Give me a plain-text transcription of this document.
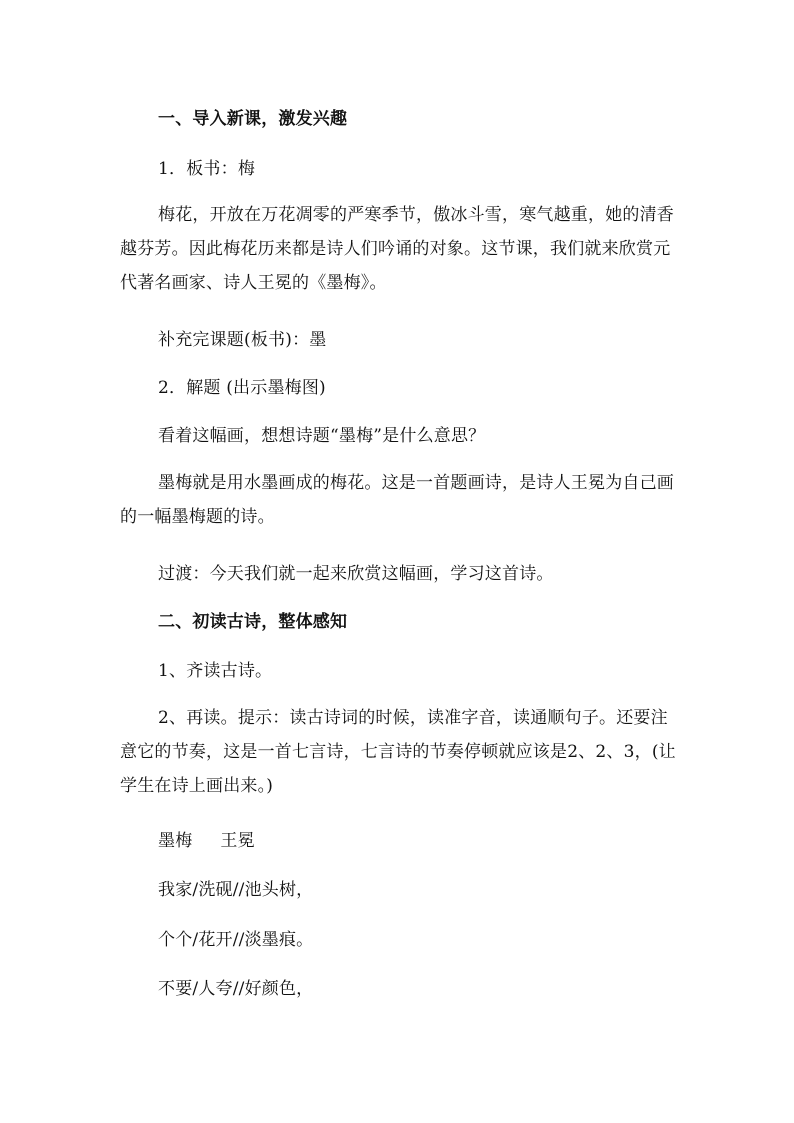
一、导入新课，激发兴趣
1．板书：梅
梅花，开放在万花凋零的严寒季节，傲冰斗雪，寒气越重，她的清香越芬芳。因此梅花历来都是诗人们吟诵的对象。这节课，我们就来欣赏元代著名画家、诗人王冕的《墨梅》。
补充完课题(板书)：墨
2．解题 (出示墨梅图)
看着这幅画，想想诗题“墨梅”是什么意思？
墨梅就是用水墨画成的梅花。这是一首题画诗，是诗人王冕为自己画的一幅墨梅题的诗。
过渡：今天我们就一起来欣赏这幅画，学习这首诗。
二、初读古诗，整体感知
1、齐读古诗。
2、再读。提示：读古诗词的时候，读准字音，读通顺句子。还要注意它的节奏，这是一首七言诗，七言诗的节奏停顿就应该是2、2、3，(让学生在诗上画出来。)
墨梅     王冕
我家/洗砚//池头树，
个个/花开//淡墨痕。
不要/人夸//好颜色，
